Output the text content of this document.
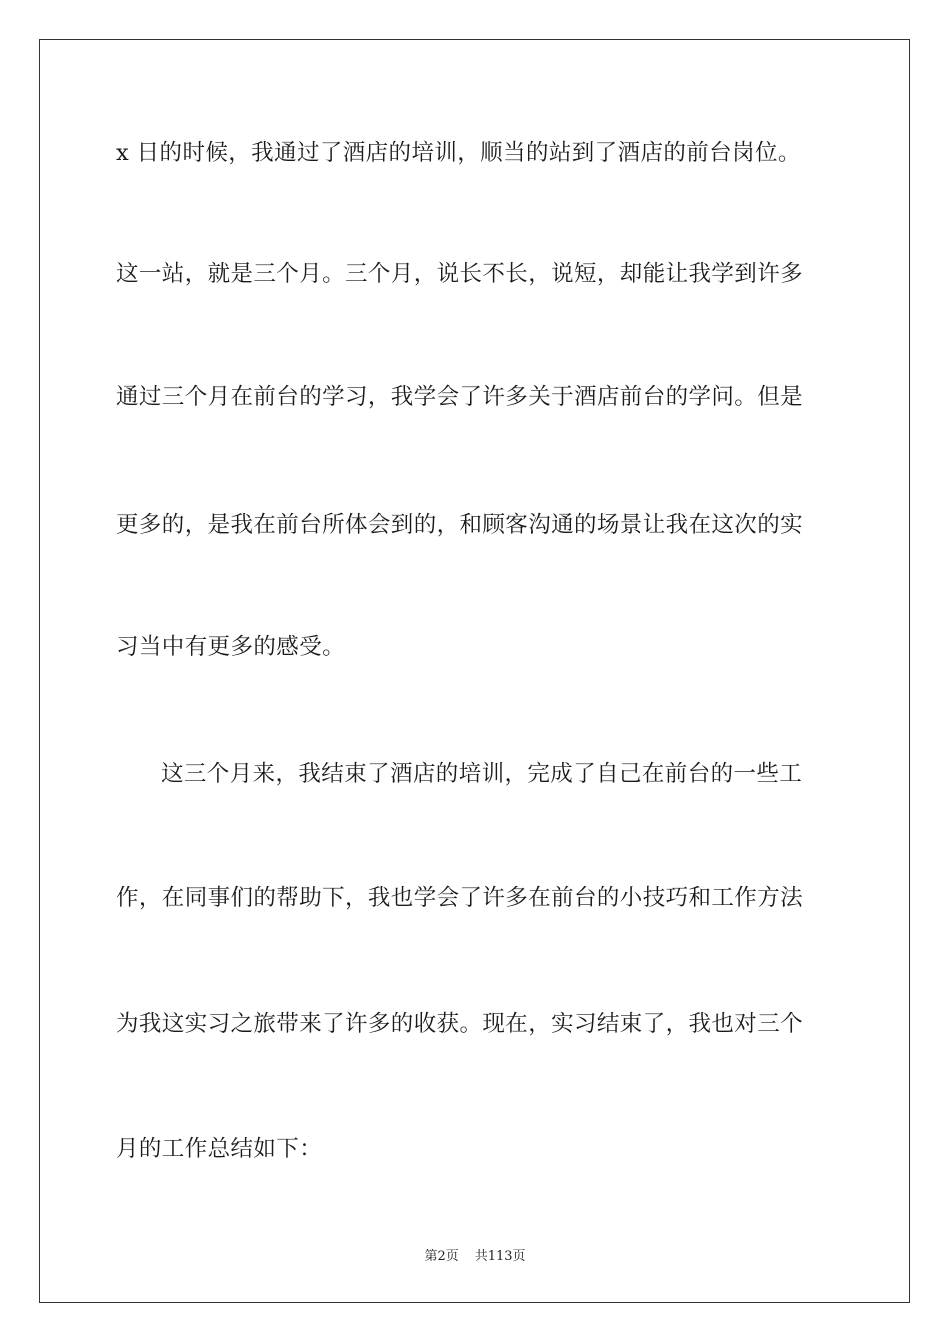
x 日的时候，我通过了酒店的培训，顺当的站到了酒店的前台岗位。
这一站，就是三个月。三个月，说长不长，说短，却能让我学到许多
通过三个月在前台的学习，我学会了许多关于酒店前台的学问。但是
更多的，是我在前台所体会到的，和顾客沟通的场景让我在这次的实
习当中有更多的感受。
这三个月来，我结束了酒店的培训，完成了自己在前台的一些工
作，在同事们的帮助下，我也学会了许多在前台的小技巧和工作方法
为我这实习之旅带来了许多的收获。现在，实习结束了，我也对三个
月的工作总结如下：
第2页 共113页
